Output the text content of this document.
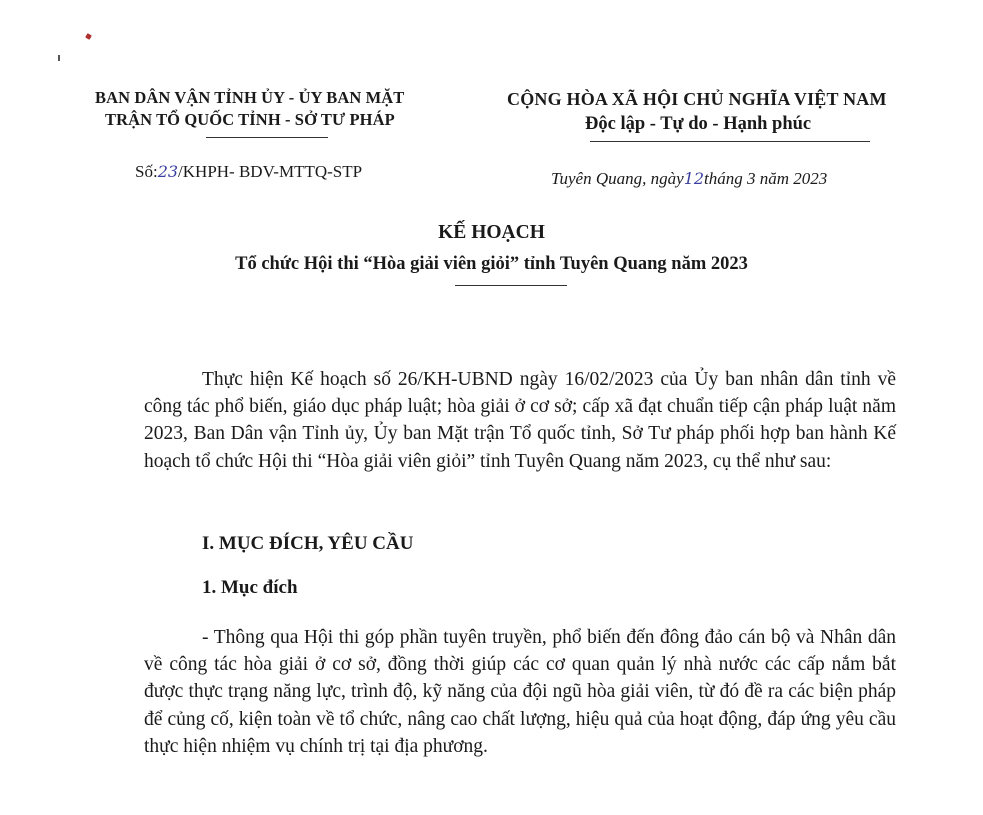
BAN DÂN VẬN TỈNH ỦY - ỦY BAN MẶT
TRẬN TỔ QUỐC TỈNH - SỞ TƯ PHÁP
Số:23/KHPH- BDV-MTTQ-STP
CỘNG HÒA XÃ HỘI CHỦ NGHĨA VIỆT NAM
Độc lập - Tự do - Hạnh phúc
Tuyên Quang, ngày12tháng 3 năm 2023
KẾ HOẠCH
Tổ chức Hội thi “Hòa giải viên giỏi” tỉnh Tuyên Quang năm 2023

Thực hiện Kế hoạch số 26/KH-UBND ngày 16/02/2023 của Ủy ban nhân dân tỉnh về công tác phổ biến, giáo dục pháp luật; hòa giải ở cơ sở; cấp xã đạt chuẩn tiếp cận pháp luật năm 2023, Ban Dân vận Tỉnh ủy, Ủy ban Mặt trận Tổ quốc tỉnh, Sở Tư pháp phối hợp ban hành Kế hoạch tổ chức Hội thi “Hòa giải viên giỏi” tỉnh Tuyên Quang năm 2023, cụ thể như sau:

I. MỤC ĐÍCH, YÊU CẦU
1. Mục đích

- Thông qua Hội thi góp phần tuyên truyền, phổ biến đến đông đảo cán bộ và Nhân dân về công tác hòa giải ở cơ sở, đồng thời giúp các cơ quan quản lý nhà nước các cấp nắm bắt được thực trạng năng lực, trình độ, kỹ năng của đội ngũ hòa giải viên, từ đó đề ra các biện pháp để củng cố, kiện toàn về tổ chức, nâng cao chất lượng, hiệu quả của hoạt động, đáp ứng yêu cầu thực hiện nhiệm vụ chính trị tại địa phương.
